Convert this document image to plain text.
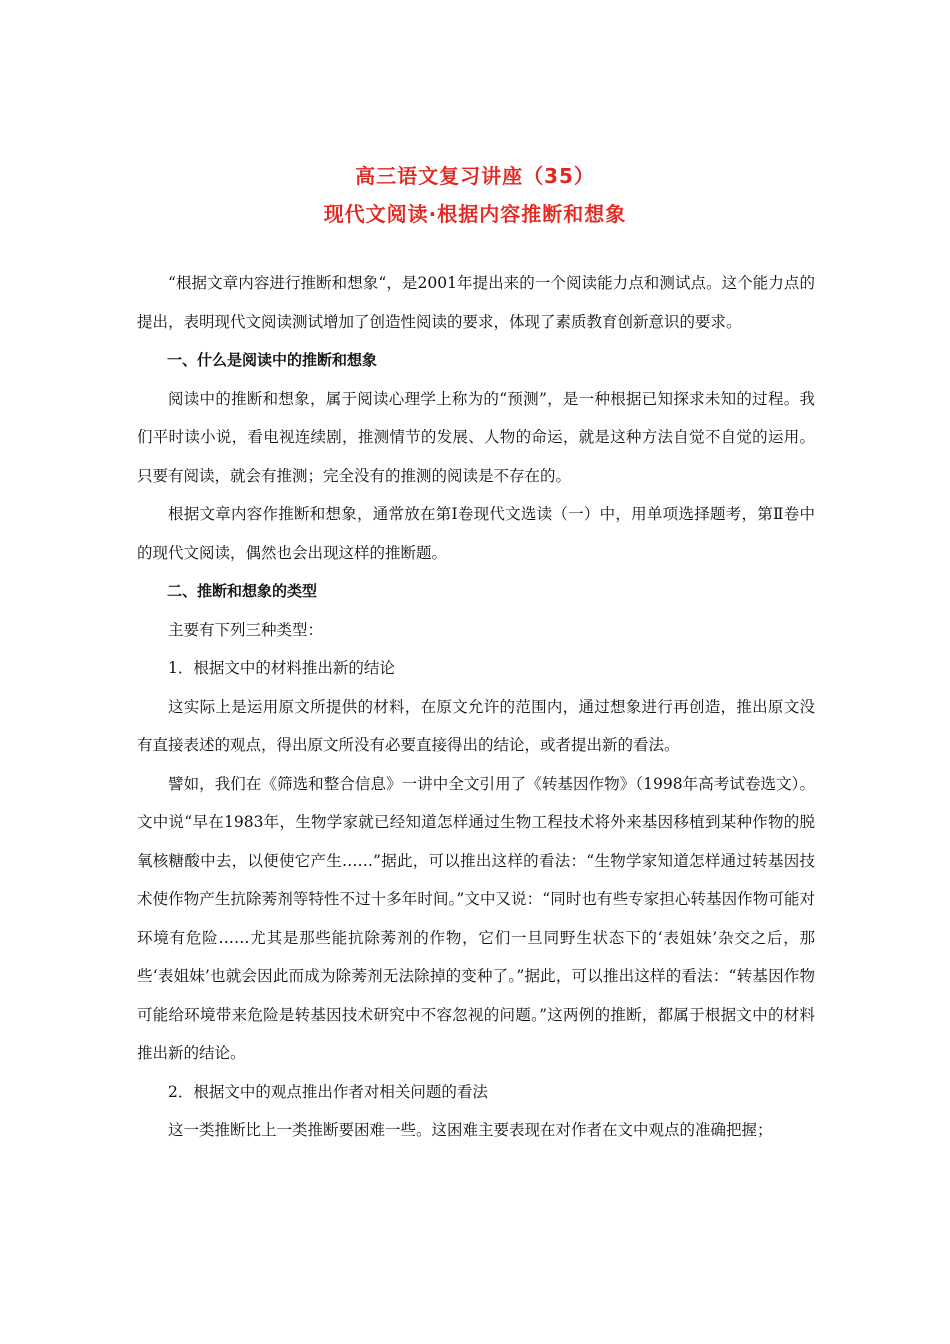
高三语文复习讲座（35）
现代文阅读·根据内容推断和想象

“根据文章内容进行推断和想象“，是2001年提出来的一个阅读能力点和测试点。这个能力点的提出，表明现代文阅读测试增加了创造性阅读的要求，体现了素质教育创新意识的要求。

一、什么是阅读中的推断和想象

阅读中的推断和想象，属于阅读心理学上称为的“预测”，是一种根据已知探求未知的过程。我们平时读小说，看电视连续剧，推测情节的发展、人物的命运，就是这种方法自觉不自觉的运用。只要有阅读，就会有推测；完全没有的推测的阅读是不存在的。

根据文章内容作推断和想象，通常放在第Ⅰ卷现代文选读（一）中，用单项选择题考，第Ⅱ卷中的现代文阅读，偶然也会出现这样的推断题。

二、推断和想象的类型

主要有下列三种类型：

1．根据文中的材料推出新的结论

这实际上是运用原文所提供的材料，在原文允许的范围内，通过想象进行再创造，推出原文没有直接表述的观点，得出原文所没有必要直接得出的结论，或者提出新的看法。

譬如，我们在《筛选和整合信息》一讲中全文引用了《转基因作物》（1998年高考试卷选文）。文中说“早在1983年，生物学家就已经知道怎样通过生物工程技术将外来基因移植到某种作物的脱氧核糖酸中去，以便使它产生……”据此，可以推出这样的看法：“生物学家知道怎样通过转基因技术使作物产生抗除莠剂等特性不过十多年时间。”文中又说：“同时也有些专家担心转基因作物可能对环境有危险……尤其是那些能抗除莠剂的作物，它们一旦同野生状态下的‘表姐妹’杂交之后，那些‘表姐妹’也就会因此而成为除莠剂无法除掉的变种了。”据此，可以推出这样的看法：“转基因作物可能给环境带来危险是转基因技术研究中不容忽视的问题。”这两例的推断，都属于根据文中的材料推出新的结论。

2．根据文中的观点推出作者对相关问题的看法

这一类推断比上一类推断要困难一些。这困难主要表现在对作者在文中观点的准确把握；
